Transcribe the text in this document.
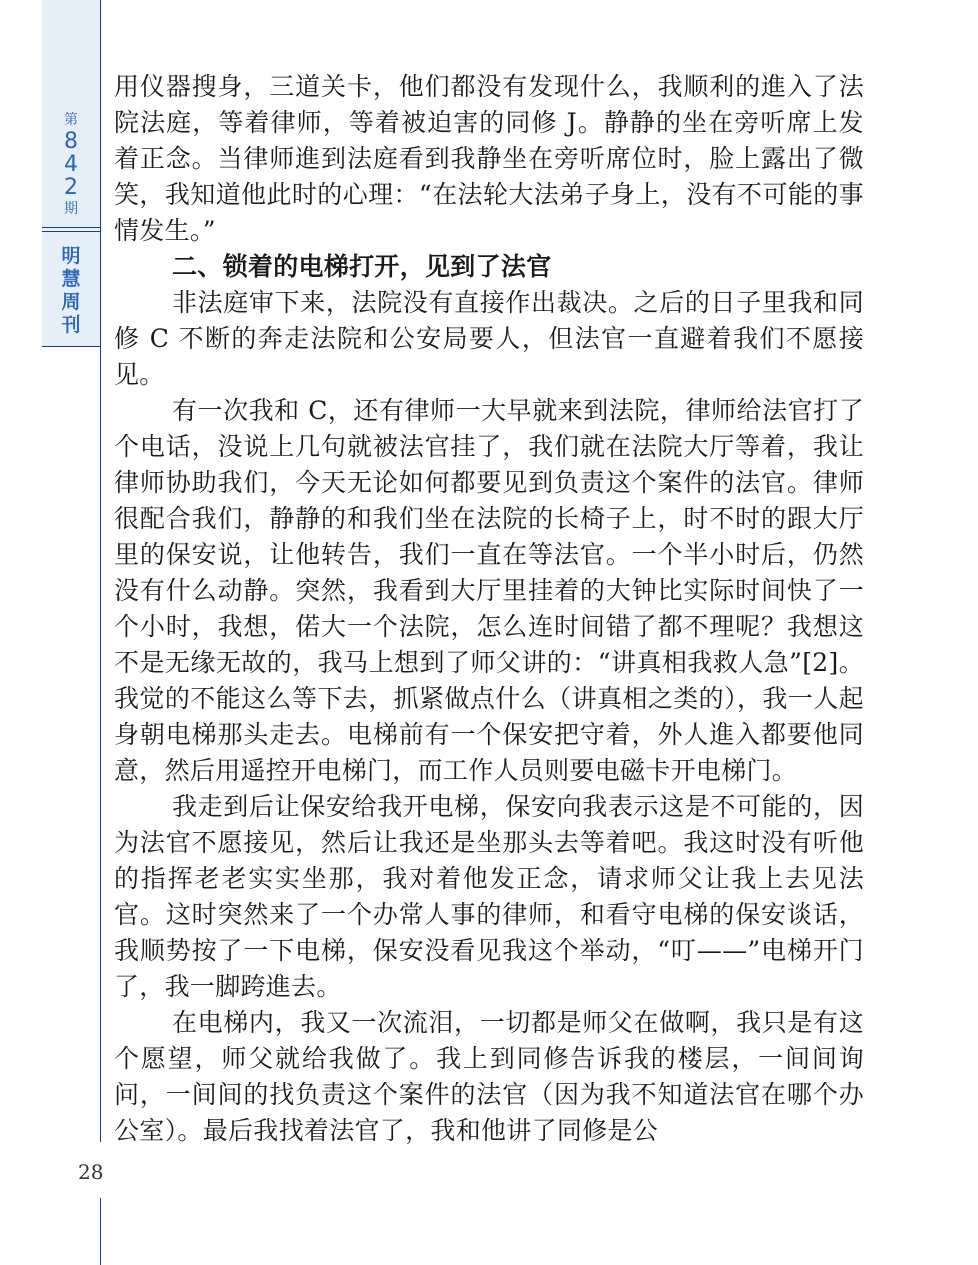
第
8
4
2
期
明
慧
周
刊

用仪器搜身，三道关卡，他们都没有发现什么，我顺利的進入了法院法庭，等着律师，等着被迫害的同修 J。静静的坐在旁听席上发着正念。当律师進到法庭看到我静坐在旁听席位时，脸上露出了微笑，我知道他此时的心理：“在法轮大法弟子身上，没有不可能的事情发生。”

二、锁着的电梯打开，见到了法官

非法庭审下来，法院没有直接作出裁决。之后的日子里我和同修 C 不断的奔走法院和公安局要人，但法官一直避着我们不愿接见。

有一次我和 C，还有律师一大早就来到法院，律师给法官打了个电话，没说上几句就被法官挂了，我们就在法院大厅等着，我让律师协助我们，今天无论如何都要见到负责这个案件的法官。律师很配合我们，静静的和我们坐在法院的长椅子上，时不时的跟大厅里的保安说，让他转告，我们一直在等法官。一个半小时后，仍然没有什么动静。突然，我看到大厅里挂着的大钟比实际时间快了一个小时，我想，偌大一个法院，怎么连时间错了都不理呢？我想这不是无缘无故的，我马上想到了师父讲的：“讲真相我救人急”[2]。我觉的不能这么等下去，抓紧做点什么（讲真相之类的），我一人起身朝电梯那头走去。电梯前有一个保安把守着，外人進入都要他同意，然后用遥控开电梯门，而工作人员则要电磁卡开电梯门。

我走到后让保安给我开电梯，保安向我表示这是不可能的，因为法官不愿接见，然后让我还是坐那头去等着吧。我这时没有听他的指挥老老实实坐那，我对着他发正念，请求师父让我上去见法官。这时突然来了一个办常人事的律师，和看守电梯的保安谈话，我顺势按了一下电梯，保安没看见我这个举动，“叮——”电梯开门了，我一脚跨進去。

在电梯内，我又一次流泪，一切都是师父在做啊，我只是有这个愿望，师父就给我做了。我上到同修告诉我的楼层，一间间询问，一间间的找负责这个案件的法官（因为我不知道法官在哪个办公室）。最后我找着法官了，我和他讲了同修是公

28
